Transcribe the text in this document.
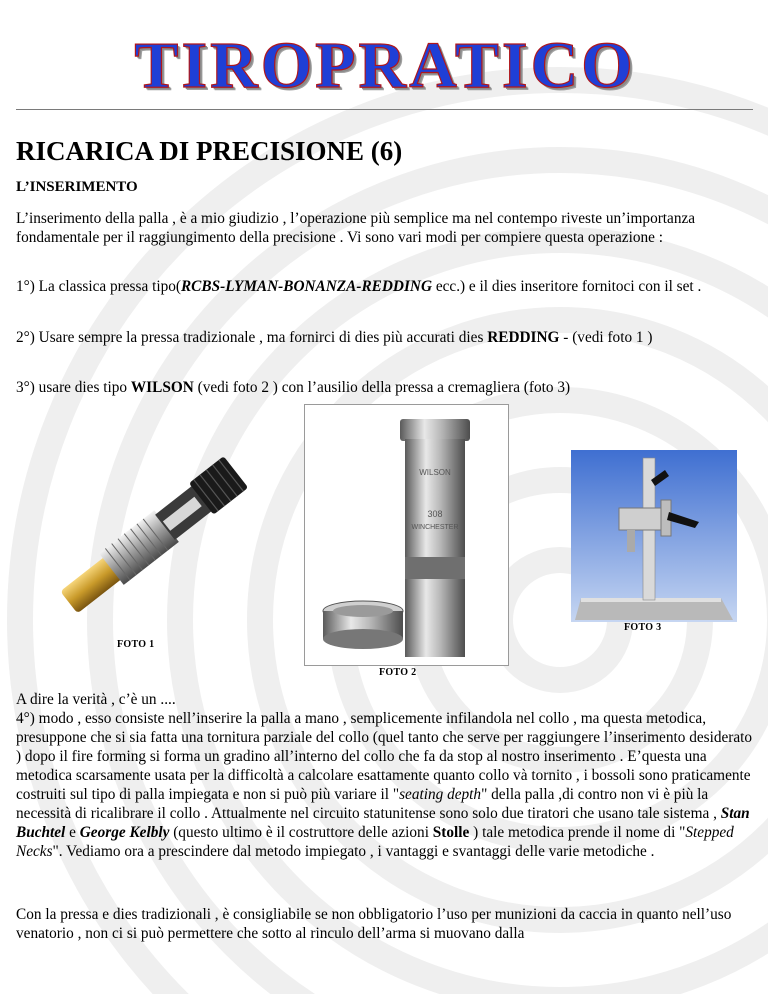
TIROPRATICO
RICARICA DI PRECISIONE (6)
L’INSERIMENTO

L’inserimento della palla , è a mio giudizio , l’operazione più semplice ma nel contempo riveste un’importanza fondamentale per il raggiungimento della precisione . Vi sono vari modi per compiere questa operazione :

1°) La classica pressa tipo(RCBS-LYMAN-BONANZA-REDDING ecc.) e il dies inseritore fornitoci con il set .

2°) Usare sempre la pressa tradizionale , ma fornirci di dies più accurati dies REDDING - (vedi foto 1 )

3°) usare dies tipo WILSON (vedi foto 2 ) con l’ausilio della pressa a cremagliera (foto 3)

FOTO 1
WILSON
308
WINCHESTER
FOTO 2
FOTO 3

A dire la verità , c’è un ....
4°) modo , esso consiste nell’inserire la palla a mano , semplicemente infilandola nel collo , ma questa metodica, presuppone che si sia fatta una tornitura parziale del collo (quel tanto che serve per raggiungere l’inserimento desiderato ) dopo il fire forming si forma un gradino all’interno del collo che fa da stop al nostro inserimento . E’questa una metodica scarsamente usata per la difficoltà a calcolare esattamente quanto collo và tornito , i bossoli sono praticamente costruiti sul tipo di palla impiegata e non si può più variare il "seating depth" della palla ,di contro non vi è più la necessità di ricalibrare il collo . Attualmente nel circuito statunitense sono solo due tiratori che usano tale sistema , Stan Buchtel e George Kelbly (questo ultimo è il costruttore delle azioni Stolle ) tale metodica prende il nome di "Stepped Necks". Vediamo ora a prescindere dal metodo impiegato , i vantaggi e svantaggi delle varie metodiche .

Con la pressa e dies tradizionali , è consigliabile se non obbligatorio l’uso per munizioni da caccia in quanto nell’uso venatorio , non ci si può permettere che sotto al rinculo dell’arma si muovano dalla
